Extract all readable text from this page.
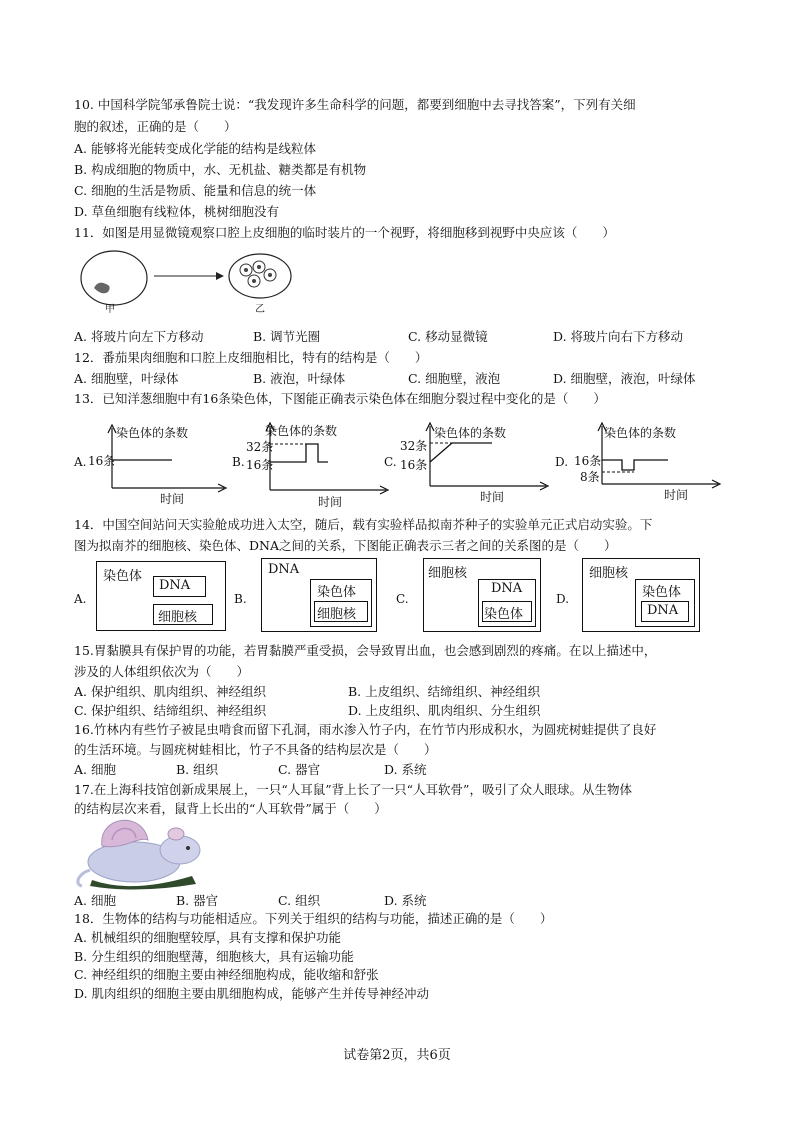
10. 中国科学院邹承鲁院士说：“我发现许多生命科学的问题，都要到细胞中去寻找答案”，下列有关细
胞的叙述，正确的是（　　）
A. 能够将光能转变成化学能的结构是线粒体
B. 构成细胞的物质中，水、无机盐、糖类都是有机物
C. 细胞的生活是物质、能量和信息的统一体
D. 草鱼细胞有线粒体，桃树细胞没有
11．如图是用显微镜观察口腔上皮细胞的临时装片的一个视野，将细胞移到视野中央应该（　　）
甲	乙
A. 将玻片向左下方移动	B. 调节光圈	C. 移动显微镜	D. 将玻片向右下方移动
12．番茄果肉细胞和口腔上皮细胞相比，特有的结构是（　　）
A. 细胞壁，叶绿体	B. 液泡，叶绿体	C. 细胞壁，液泡	D. 细胞壁，液泡，叶绿体
13．已知洋葱细胞中有16条染色体，下图能正确表示染色体在细胞分裂过程中变化的是（　　）
A.
染色体的条数
16条
时间
B.
染色体的条数
32条
16条
时间
C.
染色体的条数
32条
16条
时间
D.
染色体的条数
16条
8条
时间
14．中国空间站问天实验舱成功进入太空，随后，载有实验样品拟南芥种子的实验单元正式启动实验。下
图为拟南芥的细胞核、染色体、DNA之间的关系，下图能正确表示三者之间的关系图的是（　　）
A.
染色体
DNA
细胞核
B.
DNA
染色体
细胞核
C.
细胞核
DNA
染色体
D.
细胞核
染色体
DNA
15.胃黏膜具有保护胃的功能，若胃黏膜严重受损，会导致胃出血，也会感到剧烈的疼痛。在以上描述中，
涉及的人体组织依次为（　　）
A. 保护组织、肌肉组织、神经组织	B. 上皮组织、结缔组织、神经组织
C. 保护组织、结缔组织、神经组织	D. 上皮组织、肌肉组织、分生组织
16.竹林内有些竹子被昆虫啃食而留下孔洞，雨水渗入竹子内，在竹节内形成积水，为圆疣树蛙提供了良好
的生活环境。与圆疣树蛙相比，竹子不具备的结构层次是（　　）
A. 细胞	B. 组织	C. 器官	D. 系统
17.在上海科技馆创新成果展上，一只“人耳鼠”背上长了一只“人耳软骨”，吸引了众人眼球。从生物体
的结构层次来看，鼠背上长出的“人耳软骨”属于（　　）
A. 细胞	B. 器官	C. 组织	D. 系统
18．生物体的结构与功能相适应。下列关于组织的结构与功能，描述正确的是（　　）
A. 机械组织的细胞壁较厚，具有支撑和保护功能
B. 分生组织的细胞壁薄，细胞核大，具有运输功能
C. 神经组织的细胞主要由神经细胞构成，能收缩和舒张
D. 肌肉组织的细胞主要由肌细胞构成，能够产生并传导神经冲动
试卷第2页，共6页
